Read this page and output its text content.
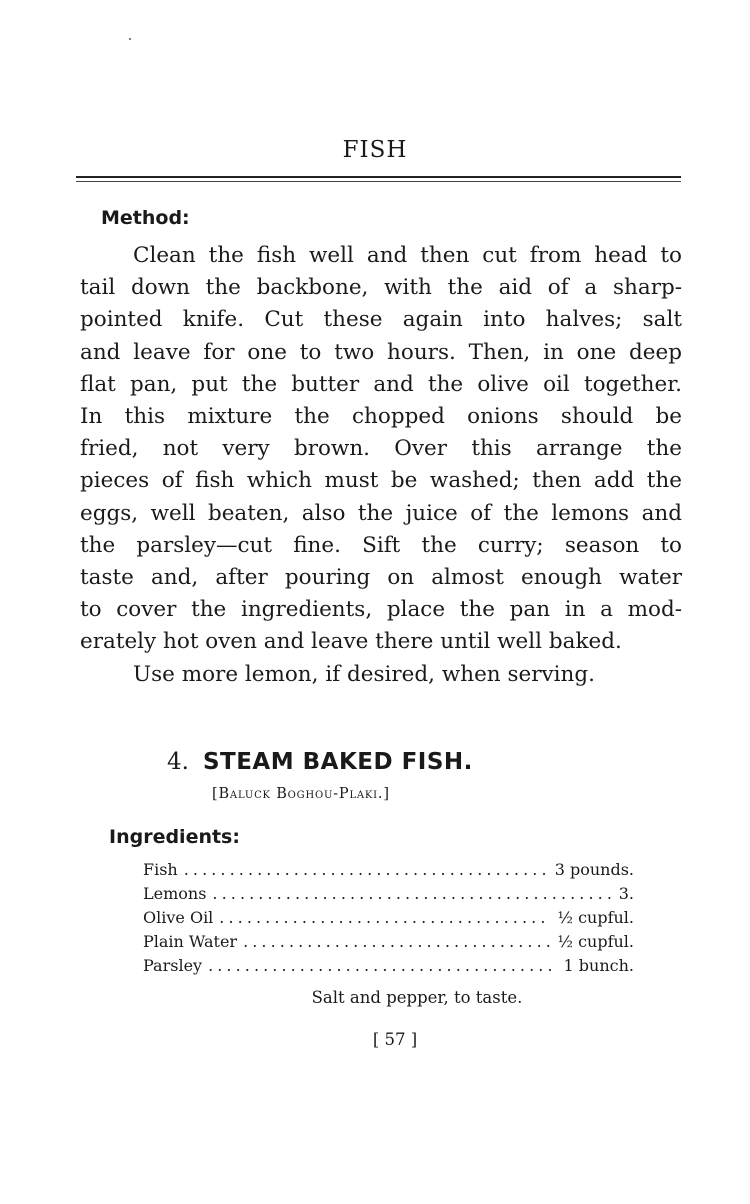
FISH
Method:
Clean the fish well and then cut from head to
tail down the backbone, with the aid of a sharp-
pointed knife. Cut these again into halves; salt
and leave for one to two hours. Then, in one deep
flat pan, put the butter and the olive oil together.
In this mixture the chopped onions should be
fried, not very brown. Over this arrange the
pieces of fish which must be washed; then add the
eggs, well beaten, also the juice of the lemons and
the parsley—cut fine. Sift the curry; season to
taste and, after pouring on almost enough water
to cover the ingredients, place the pan in a mod-
erately hot oven and leave there until well baked.
Use more lemon, if desired, when serving.
4. STEAM BAKED FISH.
[Baluck Boghou-Plaki.]
Ingredients:
Fish . . .	3 pounds.
Lemons . . .	3.
Olive Oil . . .	½ cupful.
Plain Water . . .	½ cupful.
Parsley . . .	1 bunch.
Salt and pepper, to taste.
[ 57 ]
